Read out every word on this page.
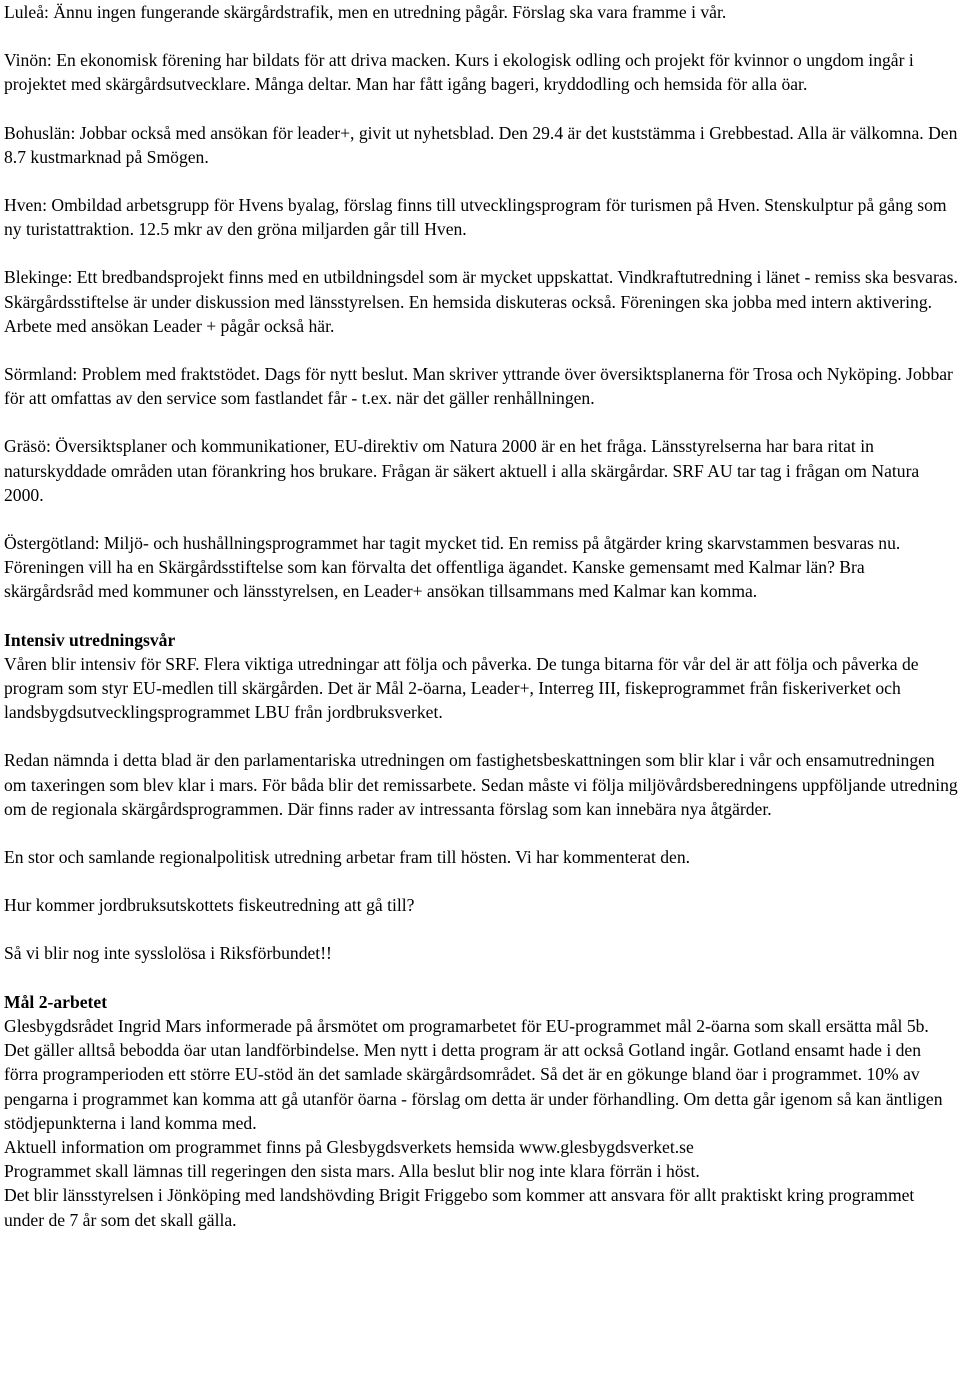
Luleå: Ännu ingen fungerande skärgårdstrafik, men en utredning pågår. Förslag ska vara framme i vår.

Vinön: En ekonomisk förening har bildats för att driva macken. Kurs i ekologisk odling och projekt för kvinnor o ungdom ingår i projektet med skärgårdsutvecklare. Många deltar. Man har fått igång bageri, kryddodling och hemsida för alla öar.

Bohuslän: Jobbar också med ansökan för leader+, givit ut nyhetsblad. Den 29.4 är det kuststämma i Grebbestad. Alla är välkomna. Den 8.7 kustmarknad på Smögen.

Hven: Ombildad arbetsgrupp för Hvens byalag, förslag finns till utvecklingsprogram för turismen på Hven. Stenskulptur på gång som ny turistattraktion. 12.5 mkr av den gröna miljarden går till Hven.

Blekinge: Ett bredbandsprojekt finns med en utbildningsdel som är mycket uppskattat. Vindkraftutredning i länet - remiss ska besvaras. Skärgårdsstiftelse är under diskussion med länsstyrelsen. En hemsida diskuteras också. Föreningen ska jobba med intern aktivering. Arbete med ansökan Leader + pågår också här.

Sörmland: Problem med fraktstödet. Dags för nytt beslut. Man skriver yttrande över översiktsplanerna för Trosa och Nyköping. Jobbar för att omfattas av den service som fastlandet får - t.ex. när det gäller renhållningen.

Gräsö: Översiktsplaner och kommunikationer, EU-direktiv om Natura 2000 är en het fråga. Länsstyrelserna har bara ritat in naturskyddade områden utan förankring hos brukare. Frågan är säkert aktuell i alla skärgårdar. SRF AU tar tag i frågan om Natura 2000.

Östergötland: Miljö- och hushållningsprogrammet har tagit mycket tid. En remiss på åtgärder kring skarvstammen besvaras nu. Föreningen vill ha en Skärgårdsstiftelse som kan förvalta det offentliga ägandet. Kanske gemensamt med Kalmar län? Bra skärgårdsråd med kommuner och länsstyrelsen, en Leader+ ansökan tillsammans med Kalmar kan komma.

Intensiv utredningsvår

Våren blir intensiv för SRF. Flera viktiga utredningar att följa och påverka. De tunga bitarna för vår del är att följa och påverka de program som styr EU-medlen till skärgården. Det är Mål 2-öarna, Leader+, Interreg III, fiskeprogrammet från fiskeriverket och landsbygdsutvecklingsprogrammet LBU från jordbruksverket.

Redan nämnda i detta blad är den parlamentariska utredningen om fastighetsbeskattningen som blir klar i vår och ensamutredningen om taxeringen som blev klar i mars. För båda blir det remissarbete. Sedan måste vi följa miljövårdsberedningens uppföljande utredning om de regionala skärgårdsprogrammen. Där finns rader av intressanta förslag som kan innebära nya åtgärder.

En stor och samlande regionalpolitisk utredning arbetar fram till hösten. Vi har kommenterat den.

Hur kommer jordbruksutskottets fiskeutredning att gå till?

Så vi blir nog inte sysslolösa i Riksförbundet!!

Mål 2-arbetet

Glesbygdsrådet Ingrid Mars informerade på årsmötet om programarbetet för EU-programmet mål 2-öarna som skall ersätta mål 5b. Det gäller alltså bebodda öar utan landförbindelse. Men nytt i detta program är att också Gotland ingår. Gotland ensamt hade i den förra programperioden ett större EU-stöd än det samlade skärgårdsområdet. Så det är en gökunge bland öar i programmet. 10% av pengarna i programmet kan komma att gå utanför öarna - förslag om detta är under förhandling. Om detta går igenom så kan äntligen stödjepunkterna i land komma med.

Aktuell information om programmet finns på Glesbygdsverkets hemsida www.glesbygdsverket.se

Programmet skall lämnas till regeringen den sista mars. Alla beslut blir nog inte klara förrän i höst.

Det blir länsstyrelsen i Jönköping med landshövding Brigit Friggebo som kommer att ansvara för allt praktiskt kring programmet under de 7 år som det skall gälla.
